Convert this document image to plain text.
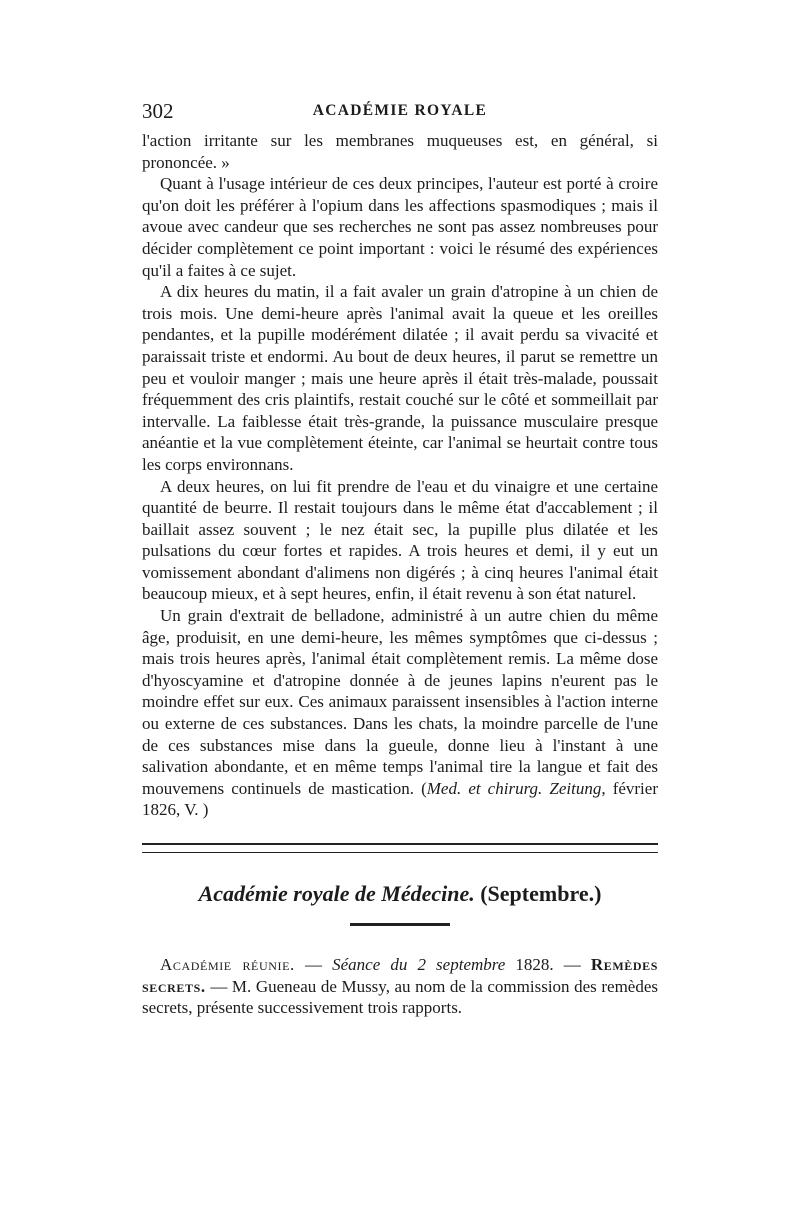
302	ACADÉMIE ROYALE

l'action irritante sur les membranes muqueuses est, en général, si prononcée. »

Quant à l'usage intérieur de ces deux principes, l'auteur est porté à croire qu'on doit les préférer à l'opium dans les affections spasmodiques ; mais il avoue avec candeur que ses recherches ne sont pas assez nombreuses pour décider complètement ce point important : voici le résumé des expériences qu'il a faites à ce sujet.

A dix heures du matin, il a fait avaler un grain d'atropine à un chien de trois mois. Une demi-heure après l'animal avait la queue et les oreilles pendantes, et la pupille modérément dilatée ; il avait perdu sa vivacité et paraissait triste et endormi. Au bout de deux heures, il parut se remettre un peu et vouloir manger ; mais une heure après il était très-malade, poussait fréquemment des cris plaintifs, restait couché sur le côté et sommeillait par intervalle. La faiblesse était très-grande, la puissance musculaire presque anéantie et la vue complètement éteinte, car l'animal se heurtait contre tous les corps environnans.

A deux heures, on lui fit prendre de l'eau et du vinaigre et une certaine quantité de beurre. Il restait toujours dans le même état d'accablement ; il baillait assez souvent ; le nez était sec, la pupille plus dilatée et les pulsations du cœur fortes et rapides. A trois heures et demi, il y eut un vomissement abondant d'alimens non digérés ; à cinq heures l'animal était beaucoup mieux, et à sept heures, enfin, il était revenu à son état naturel.

Un grain d'extrait de belladone, administré à un autre chien du même âge, produisit, en une demi-heure, les mêmes symptômes que ci-dessus ; mais trois heures après, l'animal était complètement remis. La même dose d'hyoscyamine et d'atropine donnée à de jeunes lapins n'eurent pas le moindre effet sur eux. Ces animaux paraissent insensibles à l'action interne ou externe de ces substances. Dans les chats, la moindre parcelle de l'une de ces substances mise dans la gueule, donne lieu à l'instant à une salivation abondante, et en même temps l'animal tire la langue et fait des mouvemens continuels de mastication. (Med. et chirurg. Zeitung, février 1826, V. )

Académie royale de Médecine. (Septembre.)

Académie réunie. — Séance du 2 septembre 1828. — Remèdes secrets. — M. Gueneau de Mussy, au nom de la commission des remèdes secrets, présente successivement trois rapports.
